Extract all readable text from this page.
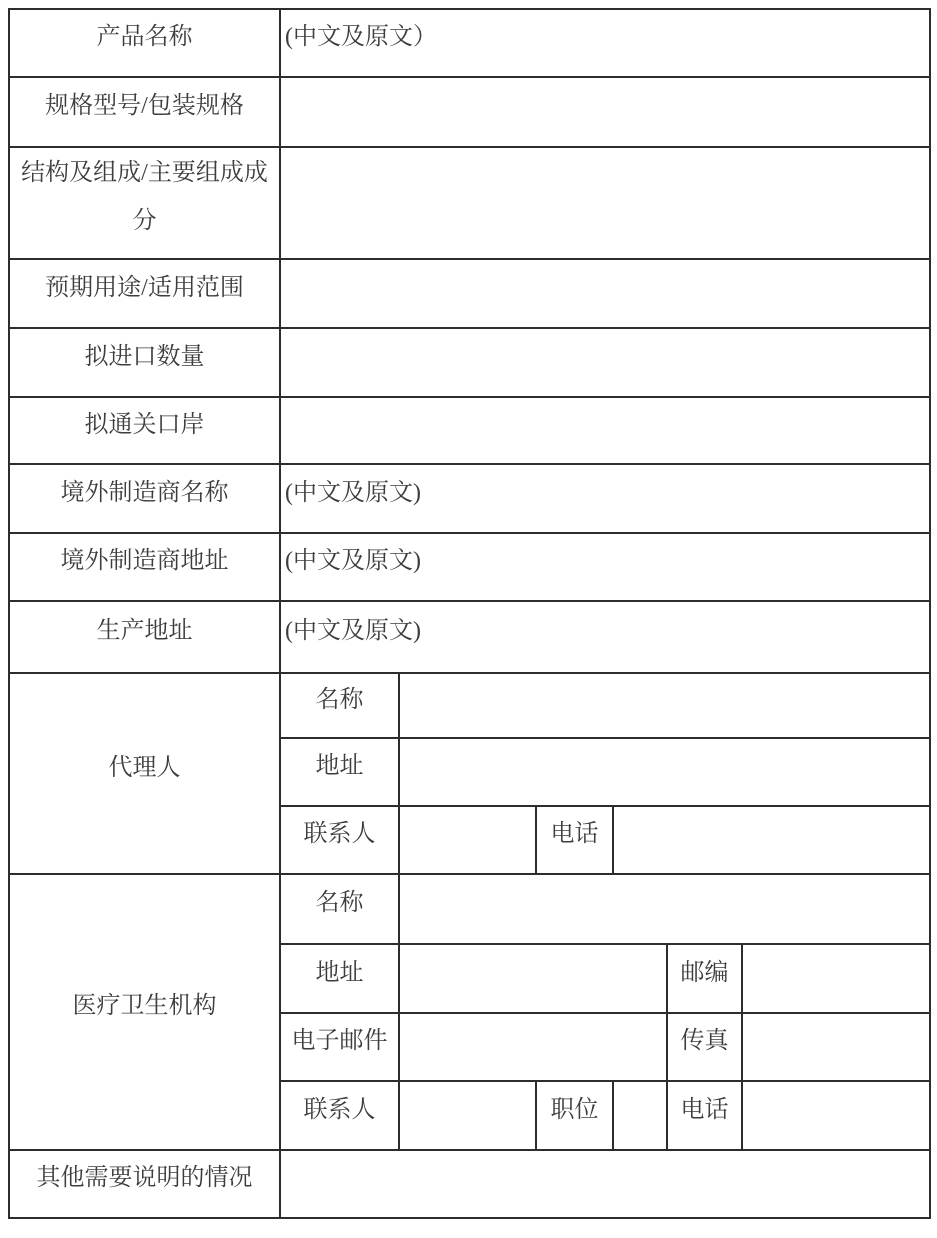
产品名称	(中文及原文）					
规格型号/包装规格						
结构及组成/主要组成成分						
预期用途/适用范围						
拟进口数量						
拟通关口岸						
境外制造商名称	(中文及原文)					
境外制造商地址	(中文及原文)					
生产地址	(中文及原文)					
代理人	名称					
	地址					
	联系人		电话			
医疗卫生机构	名称					
	地址				邮编	
	电子邮件				传真	
	联系人		职位		电话	
其他需要说明的情况						
